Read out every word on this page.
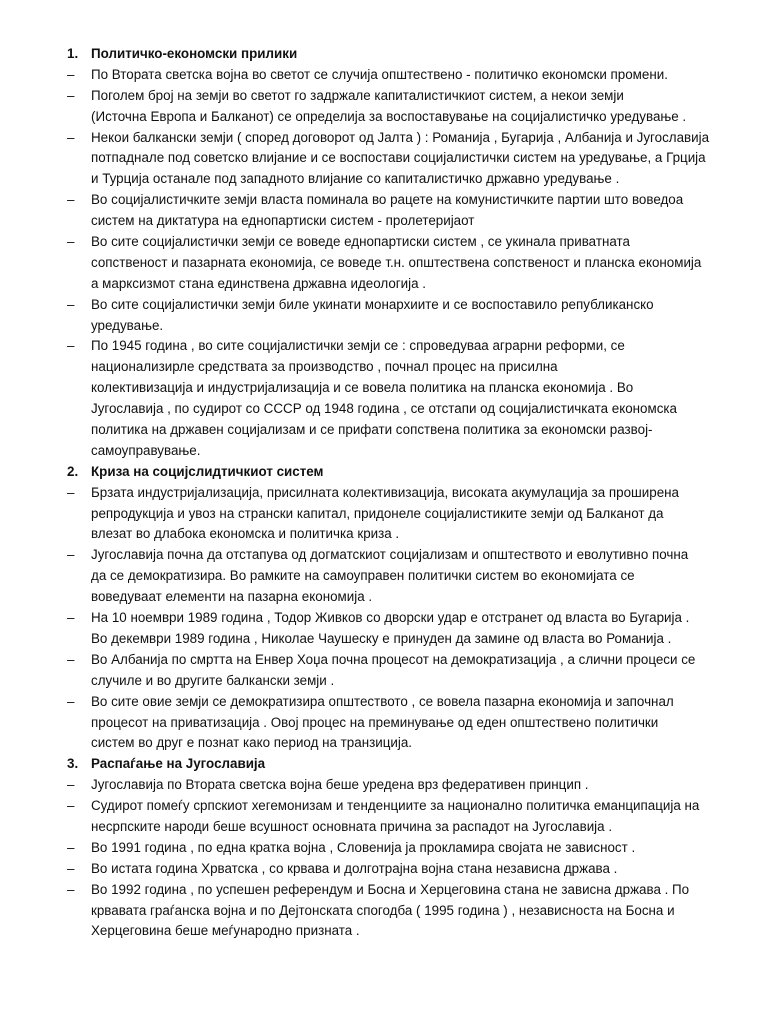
1. Политичко-економски прилики
– По Втората светска војна во светот се случија општествено - политичко економски промени.
– Поголем број на земји во светот го задржале капиталистичкиот систем, а некои земји
(Источна Европа и Балканот) се определија за воспоставување на социјалистичко уредување .
– Некои балкански земји ( според договорот од Јалта ) : Романија , Бугарија , Албанија и Југославија
потпаднале под советско влијание и се воспостави социјалистички систем на уредување, а Грција
и Турција останале под западното влијание со капиталистичко државно уредување .
– Во социјалистичките земји власта поминала во рацете на комунистичките партии што воведоа
систем на диктатура на еднопартиски систем - пролетеријаот
– Во сите социјалистички земји се воведе еднопартиски систем , се укинала приватната
сопственост и пазарната економија, се воведе т.н. општествена сопственост и планска економија
а марксизмот стана единствена државна идеологија .
– Во сите социјалистички земји биле укинати монархиите и се воспоставило републиканско
уредување.
– По 1945 година , во сите социјалистички земји се : спроведуваа аграрни реформи, се
национализирле средствата за производство , почнал процес на присилна
колективизација и индустријализација и се вовела политика на планска економија . Во
Југославија , по судирот со СССР од 1948 година , се отстапи од социјалистичката економска
политика на државен социјализам и се прифати сопствена политика за економски развој-
самоуправување.
2. Криза на социјслидтичкиот систем
– Брзата индустријализација, присилната колективизација, високата акумулација за проширена
репродукција и увоз на странски капитал, придонеле социјалистиките земји од Балканот да
влезат во длабока економска и политичка криза .
– Југославија почна да отстапува од догматскиот социјализам и општеството и еволутивно почна
да се демократизира. Во рамките на самоуправен политички систем во економијата се
воведуваат елементи на пазарна економија .
– На 10 ноември 1989 година , Тодор Живков со дворски удар е отстранет од власта во Бугарија .
Во декември 1989 година , Николае Чаушеску е принуден да замине од власта во Романија .
– Во Албанија по смртта на Енвер Хоџа почна процесот на демократизација , а слични процеси се
случиле и во другите балкански земји .
– Во сите овие земји се демократизира општеството , се вовела пазарна економија и започнал
процесот на приватизација . Овој процес на преминување од еден општествено политички
систем во друг е познат како период на транзиција.
3. Распаѓање на Југославија
– Југославија по Втората светска војна беше уредена врз федеративен принцип .
– Судирот помеѓу српскиот хегемонизам и тенденциите за национално политичка еманципација на
несрпските народи беше всушност основната причина за распадот на Југославија .
– Во 1991 година , по една кратка војна , Словенија ја прокламира својата не зависност .
– Во истата година Хрватска , со крвава и долготрајна војна стана независна држава .
– Во 1992 година , по успешен референдум и Босна и Херцеговина стана не зависна држава . По
крвавата граѓанска војна и по Дејтонската спогодба ( 1995 година ) , независноста на Босна и
Херцеговина беше меѓународно призната .
